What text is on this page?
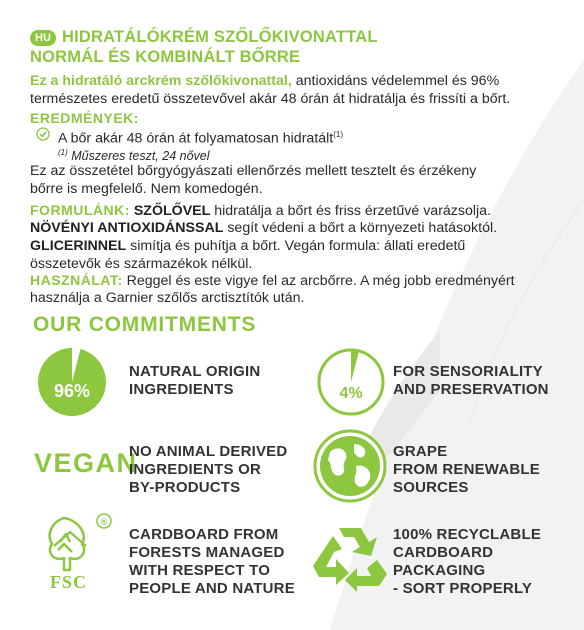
HU HIDRATÁLÓKRÉM SZŐLŐKIVONATTAL
NORMÁL ÉS KOMBINÁLT BŐRRE
Ez a hidratáló arckrém szőlőkivonattal, antioxidáns védelemmel és 96%
természetes eredetű összetevővel akár 48 órán át hidratálja és frissíti a bőrt.
EREDMÉNYEK:
A bőr akár 48 órán át folyamatosan hidratált$^{(1)}$
$^{(1)}$ Műszeres teszt, 24 nővel
Ez az összetétel bőrgyógyászati ellenőrzés mellett tesztelt és érzékeny
bőrre is megfelelő. Nem komedogén.
FORMULÁNK: SZŐLŐVEL hidratálja a bőrt és friss érzetűvé varázsolja.
NÖVÉNYI ANTIOXIDÁNSSAL segít védeni a bőrt a környezeti hatásoktól.
GLICERINNEL simítja és puhítja a bőrt. Vegán formula: állati eredetű
összetevők és származékok nélkül.
HASZNÁLAT: Reggel és este vigye fel az arcbőrre. A még jobb eredményért
használja a Garnier szőlős arctisztítók után.
OUR COMMITMENTS
96%
NATURAL ORIGIN
INGREDIENTS	4%
FOR SENSORIALITY
AND PRESERVATION
VEGAN
NO ANIMAL DERIVED
INGREDIENTS OR
BY-PRODUCTS
GRAPE
FROM RENEWABLE
SOURCES
®
FSC
CARDBOARD FROM
FORESTS MANAGED
WITH RESPECT TO
PEOPLE AND NATURE
100% RECYCLABLE
CARDBOARD
PACKAGING
- SORT PROPERLY
